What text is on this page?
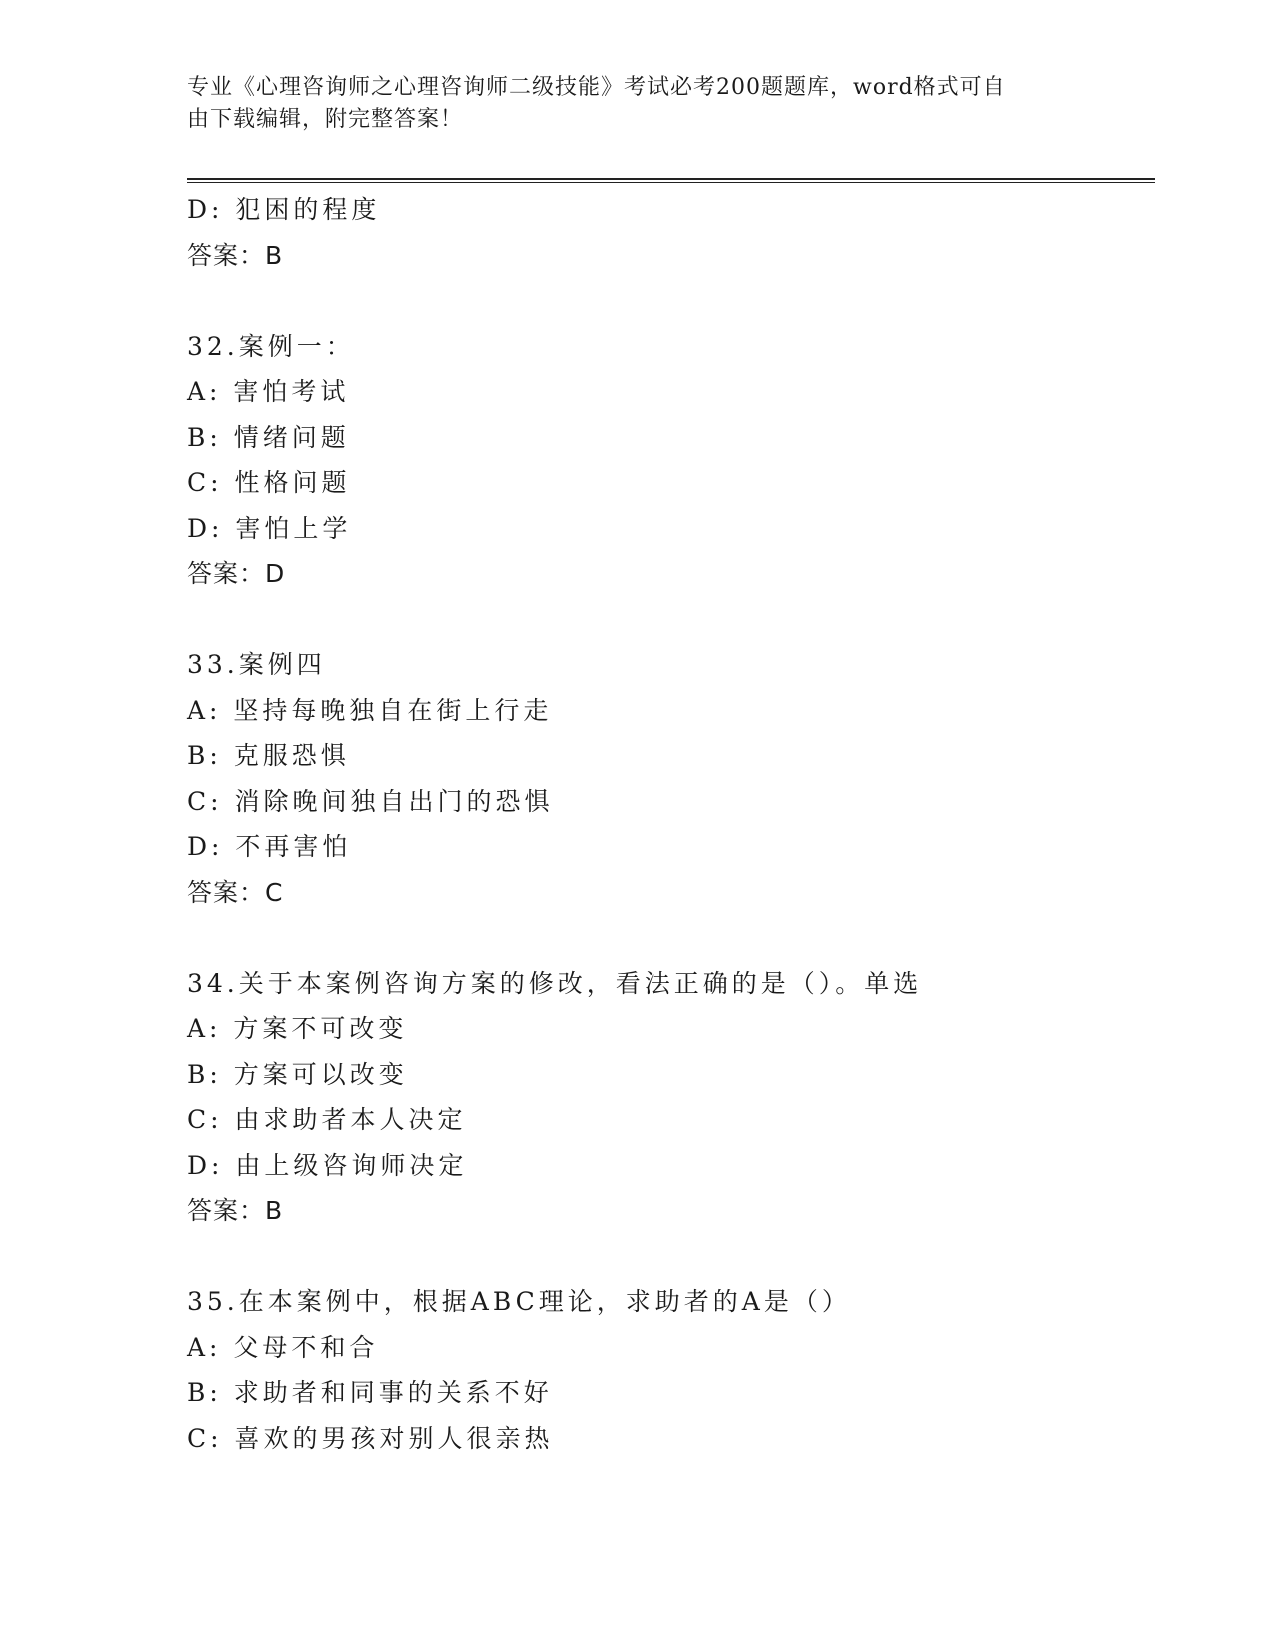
专业《心理咨询师之心理咨询师二级技能》考试必考200题题库，word格式可自
由下载编辑，附完整答案！
D: 犯困的程度
答案：B
32.案例一：
A: 害怕考试
B: 情绪问题
C: 性格问题
D: 害怕上学
答案：D
33.案例四
A: 坚持每晚独自在街上行走
B: 克服恐惧
C: 消除晚间独自出门的恐惧
D: 不再害怕
答案：C
34.关于本案例咨询方案的修改，看法正确的是（）。单选
A: 方案不可改变
B: 方案可以改变
C: 由求助者本人决定
D: 由上级咨询师决定
答案：B
35.在本案例中，根据ABC理论，求助者的A是（）
A: 父母不和合
B: 求助者和同事的关系不好
C: 喜欢的男孩对别人很亲热
